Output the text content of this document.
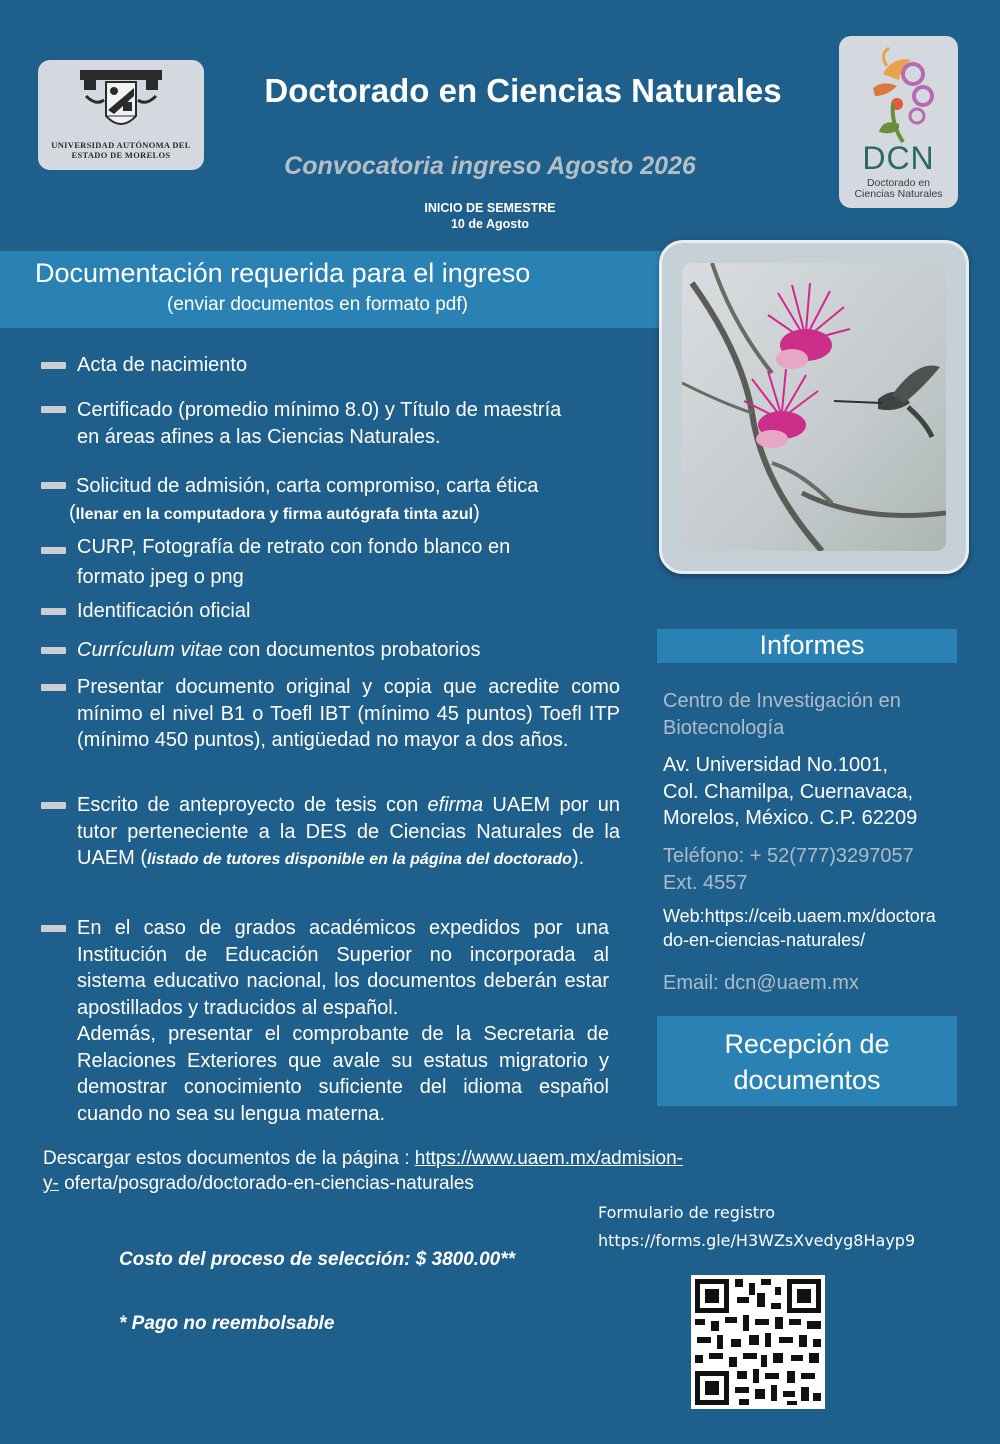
UNIVERSIDAD AUTÓNOMA DEL ESTADO DE MORELOS
Doctorado en Ciencias Naturales
Convocatoria ingreso Agosto 2026
INICIO DE SEMESTRE
10 de Agosto
DCN
Doctorado en
Ciencias Naturales
Documentación requerida para el ingreso
(enviar documentos en formato pdf)
Acta de nacimiento
Certificado (promedio mínimo 8.0) y Título de maestría
en áreas afines a las Ciencias Naturales.
Solicitud de admisión, carta compromiso, carta ética
(llenar en la computadora y firma autógrafa tinta azul)
CURP, Fotografía de retrato con fondo blanco en
formato jpeg o png
Identificación oficial
Currículum vitae con documentos probatorios
Presentar documento original y copia que acredite como mínimo el nivel B1 o Toefl IBT (mínimo 45 puntos) Toefl ITP (mínimo 450 puntos), antigüedad no mayor a dos años.
Escrito de anteproyecto de tesis con efirma UAEM por un tutor perteneciente a la DES de Ciencias Naturales de la UAEM (listado de tutores disponible en la página del doctorado).
En el caso de grados académicos expedidos por una Institución de Educación Superior no incorporada al sistema educativo nacional, los documentos deberán estar apostillados y traducidos al español.
Además, presentar el comprobante de la Secretaria de Relaciones Exteriores que avale su estatus migratorio y demostrar conocimiento suficiente del idioma español cuando no sea su lengua materna.
Informes
Centro de Investigación en
Biotecnología
Av. Universidad No.1001,
Col. Chamilpa, Cuernavaca,
Morelos, México. C.P. 62209
Teléfono: + 52(777)3297057
Ext. 4557
Web:https://ceib.uaem.mx/doctora
do-en-ciencias-naturales/
Email: dcn@uaem.mx
Recepción de
documentos
Descargar estos documentos de la página : https://www.uaem.mx/admision-
y- oferta/posgrado/doctorado-en-ciencias-naturales
Formulario de registro
https://forms.gle/H3WZsXvedyg8Hayp9
Costo del proceso de selección: $ 3800.00**
* Pago no reembolsable
